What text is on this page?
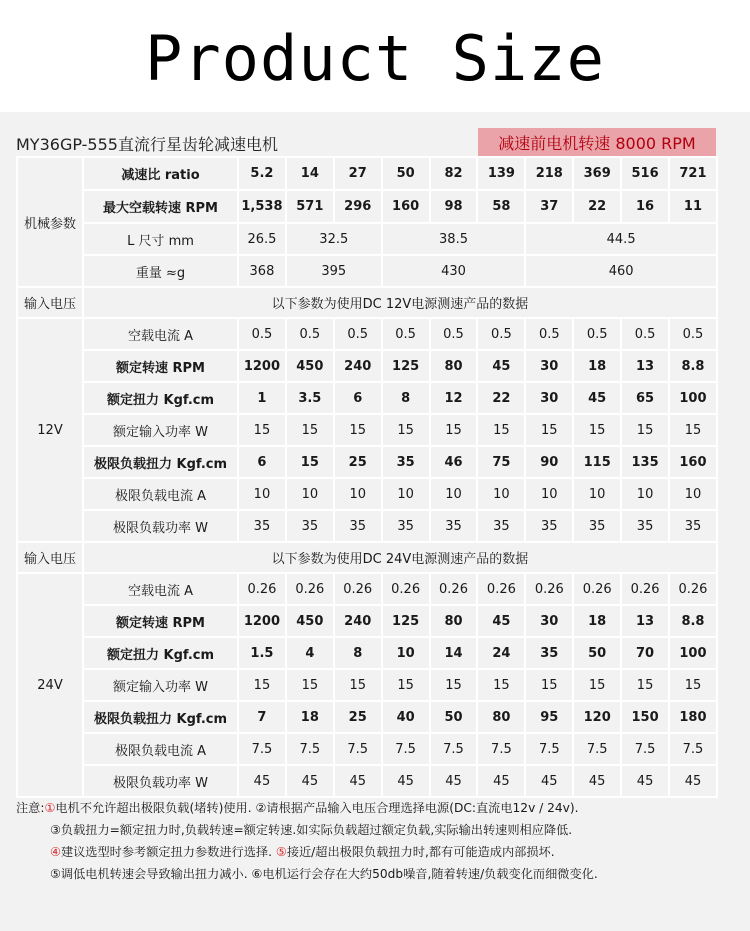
Product Size
MY36GP-555直流行星齿轮减速电机	减速前电机转速 8000 RPM
机械参数	减速比 ratio	5.2	14	27	50	82	139	218	369	516	721
	最大空载转速 RPM	1,538	571	296	160	98	58	37	22	16	11
	L 尺寸 mm	26.5	32.5		38.5			44.5			
	重量 ≈g	368	395		430			460			
输入电压	以下参数为使用DC 12V电源测速产品的数据										
12V	空载电流 A	0.5	0.5	0.5	0.5	0.5	0.5	0.5	0.5	0.5	0.5
	额定转速 RPM	1200	450	240	125	80	45	30	18	13	8.8
	额定扭力 Kgf.cm	1	3.5	6	8	12	22	30	45	65	100
	额定输入功率 W	15	15	15	15	15	15	15	15	15	15
	极限负载扭力 Kgf.cm	6	15	25	35	46	75	90	115	135	160
	极限负载电流 A	10	10	10	10	10	10	10	10	10	10
	极限负载功率 W	35	35	35	35	35	35	35	35	35	35
输入电压	以下参数为使用DC 24V电源测速产品的数据										
24V	空载电流 A	0.26	0.26	0.26	0.26	0.26	0.26	0.26	0.26	0.26	0.26
	额定转速 RPM	1200	450	240	125	80	45	30	18	13	8.8
	额定扭力 Kgf.cm	1.5	4	8	10	14	24	35	50	70	100
	额定输入功率 W	15	15	15	15	15	15	15	15	15	15
	极限负载扭力 Kgf.cm	7	18	25	40	50	80	95	120	150	180
	极限负载电流 A	7.5	7.5	7.5	7.5	7.5	7.5	7.5	7.5	7.5	7.5
	极限负载功率 W	45	45	45	45	45	45	45	45	45	45
注意:①电机不允许超出极限负载(堵转)使用. ②请根据产品输入电压合理选择电源(DC:直流电12v / 24v).
③负载扭力=额定扭力时,负载转速=额定转速.如实际负载超过额定负载,实际输出转速则相应降低.
④建议选型时参考额定扭力参数进行选择. ⑤接近/超出极限负载扭力时,都有可能造成内部损坏.
⑤调低电机转速会导致输出扭力减小. ⑥电机运行会存在大约50db噪音,随着转速/负载变化而细微变化.
